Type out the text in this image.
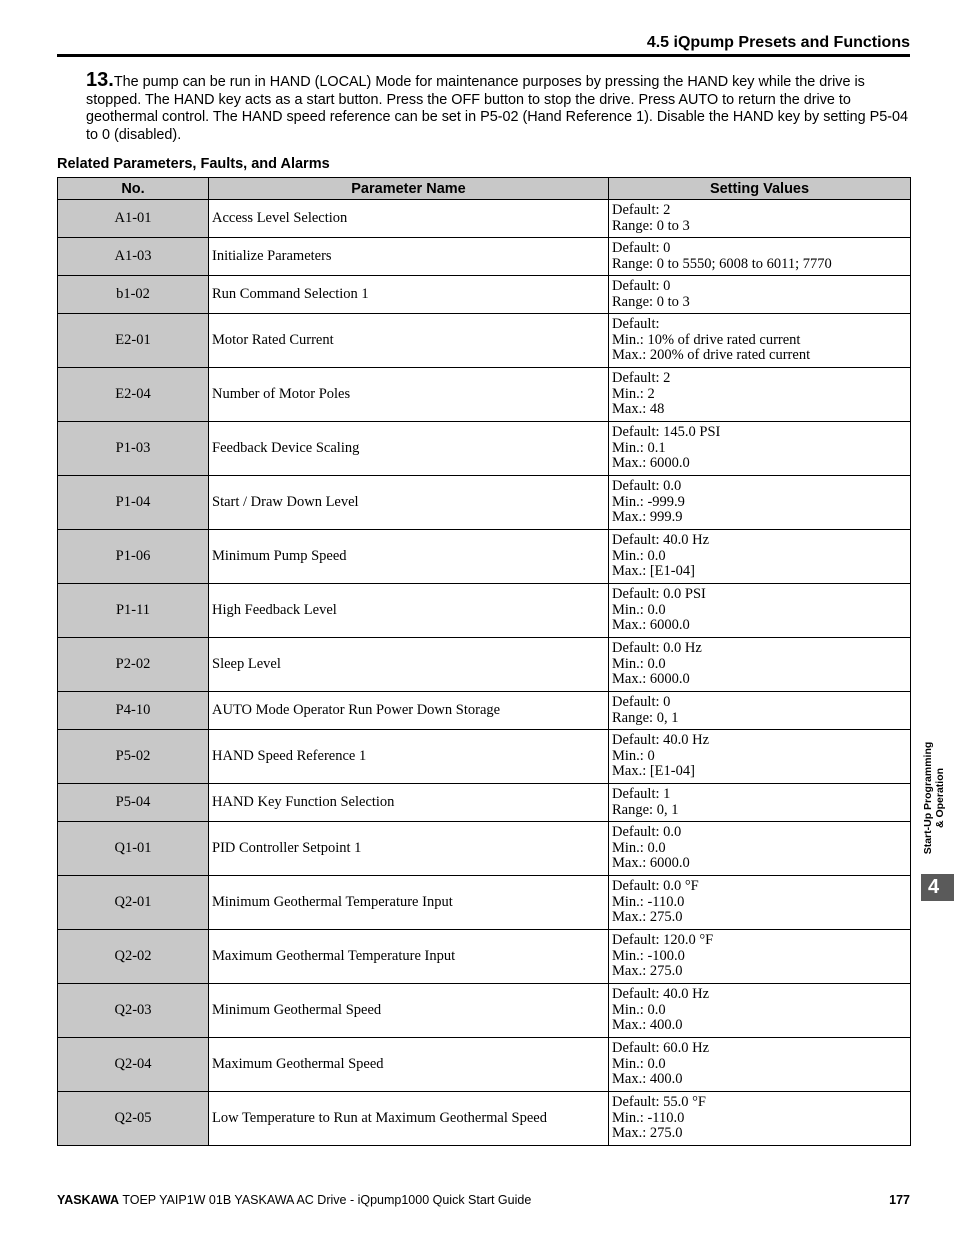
4.5 iQpump Presets and Functions
13.The pump can be run in HAND (LOCAL) Mode for maintenance purposes by pressing the HAND key while the drive is stopped. The HAND key acts as a start button. Press the OFF button to stop the drive. Press AUTO to return the drive to geothermal control. The HAND speed reference can be set in P5-02 (Hand Reference 1). Disable the HAND key by setting P5-04 to 0 (disabled).
Related Parameters, Faults, and Alarms
No.	Parameter Name	Setting Values
A1-01	Access Level Selection	Default: 2
Range: 0 to 3

A1-03	Initialize Parameters	Default: 0
Range: 0 to 5550; 6008 to 6011; 7770

b1-02	Run Command Selection 1	Default: 0
Range: 0 to 3

E2-01	Motor Rated Current	Default:
Min.: 10% of drive rated current
Max.: 200% of drive rated current

E2-04	Number of Motor Poles	Default: 2
Min.: 2
Max.: 48

P1-03	Feedback Device Scaling	Default: 145.0 PSI
Min.: 0.1
Max.: 6000.0

P1-04	Start / Draw Down Level	Default: 0.0
Min.: -999.9
Max.: 999.9

P1-06	Minimum Pump Speed	Default: 40.0 Hz
Min.: 0.0
Max.: [E1-04]

P1-11	High Feedback Level	Default: 0.0 PSI
Min.: 0.0
Max.: 6000.0

P2-02	Sleep Level	Default: 0.0 Hz
Min.: 0.0
Max.: 6000.0

P4-10	AUTO Mode Operator Run Power Down Storage	Default: 0
Range: 0, 1

P5-02	HAND Speed Reference 1	Default: 40.0 Hz
Min.: 0
Max.: [E1-04]

P5-04	HAND Key Function Selection	Default: 1
Range: 0, 1

Q1-01	PID Controller Setpoint 1	Default: 0.0
Min.: 0.0
Max.: 6000.0

Q2-01	Minimum Geothermal Temperature Input	Default: 0.0 °F
Min.: -110.0
Max.: 275.0

Q2-02	Maximum Geothermal Temperature Input	Default: 120.0 °F
Min.: -100.0
Max.: 275.0

Q2-03	Minimum Geothermal Speed	Default: 40.0 Hz
Min.: 0.0
Max.: 400.0

Q2-04	Maximum Geothermal Speed	Default: 60.0 Hz
Min.: 0.0
Max.: 400.0

Q2-05	Low Temperature to Run at Maximum Geothermal Speed	Default: 55.0 °F
Min.: -110.0
Max.: 275.0
Start-Up Programming & Operation
4
YASKAWA TOEP YAIP1W 01B YASKAWA AC Drive - iQpump1000 Quick Start Guide	177
